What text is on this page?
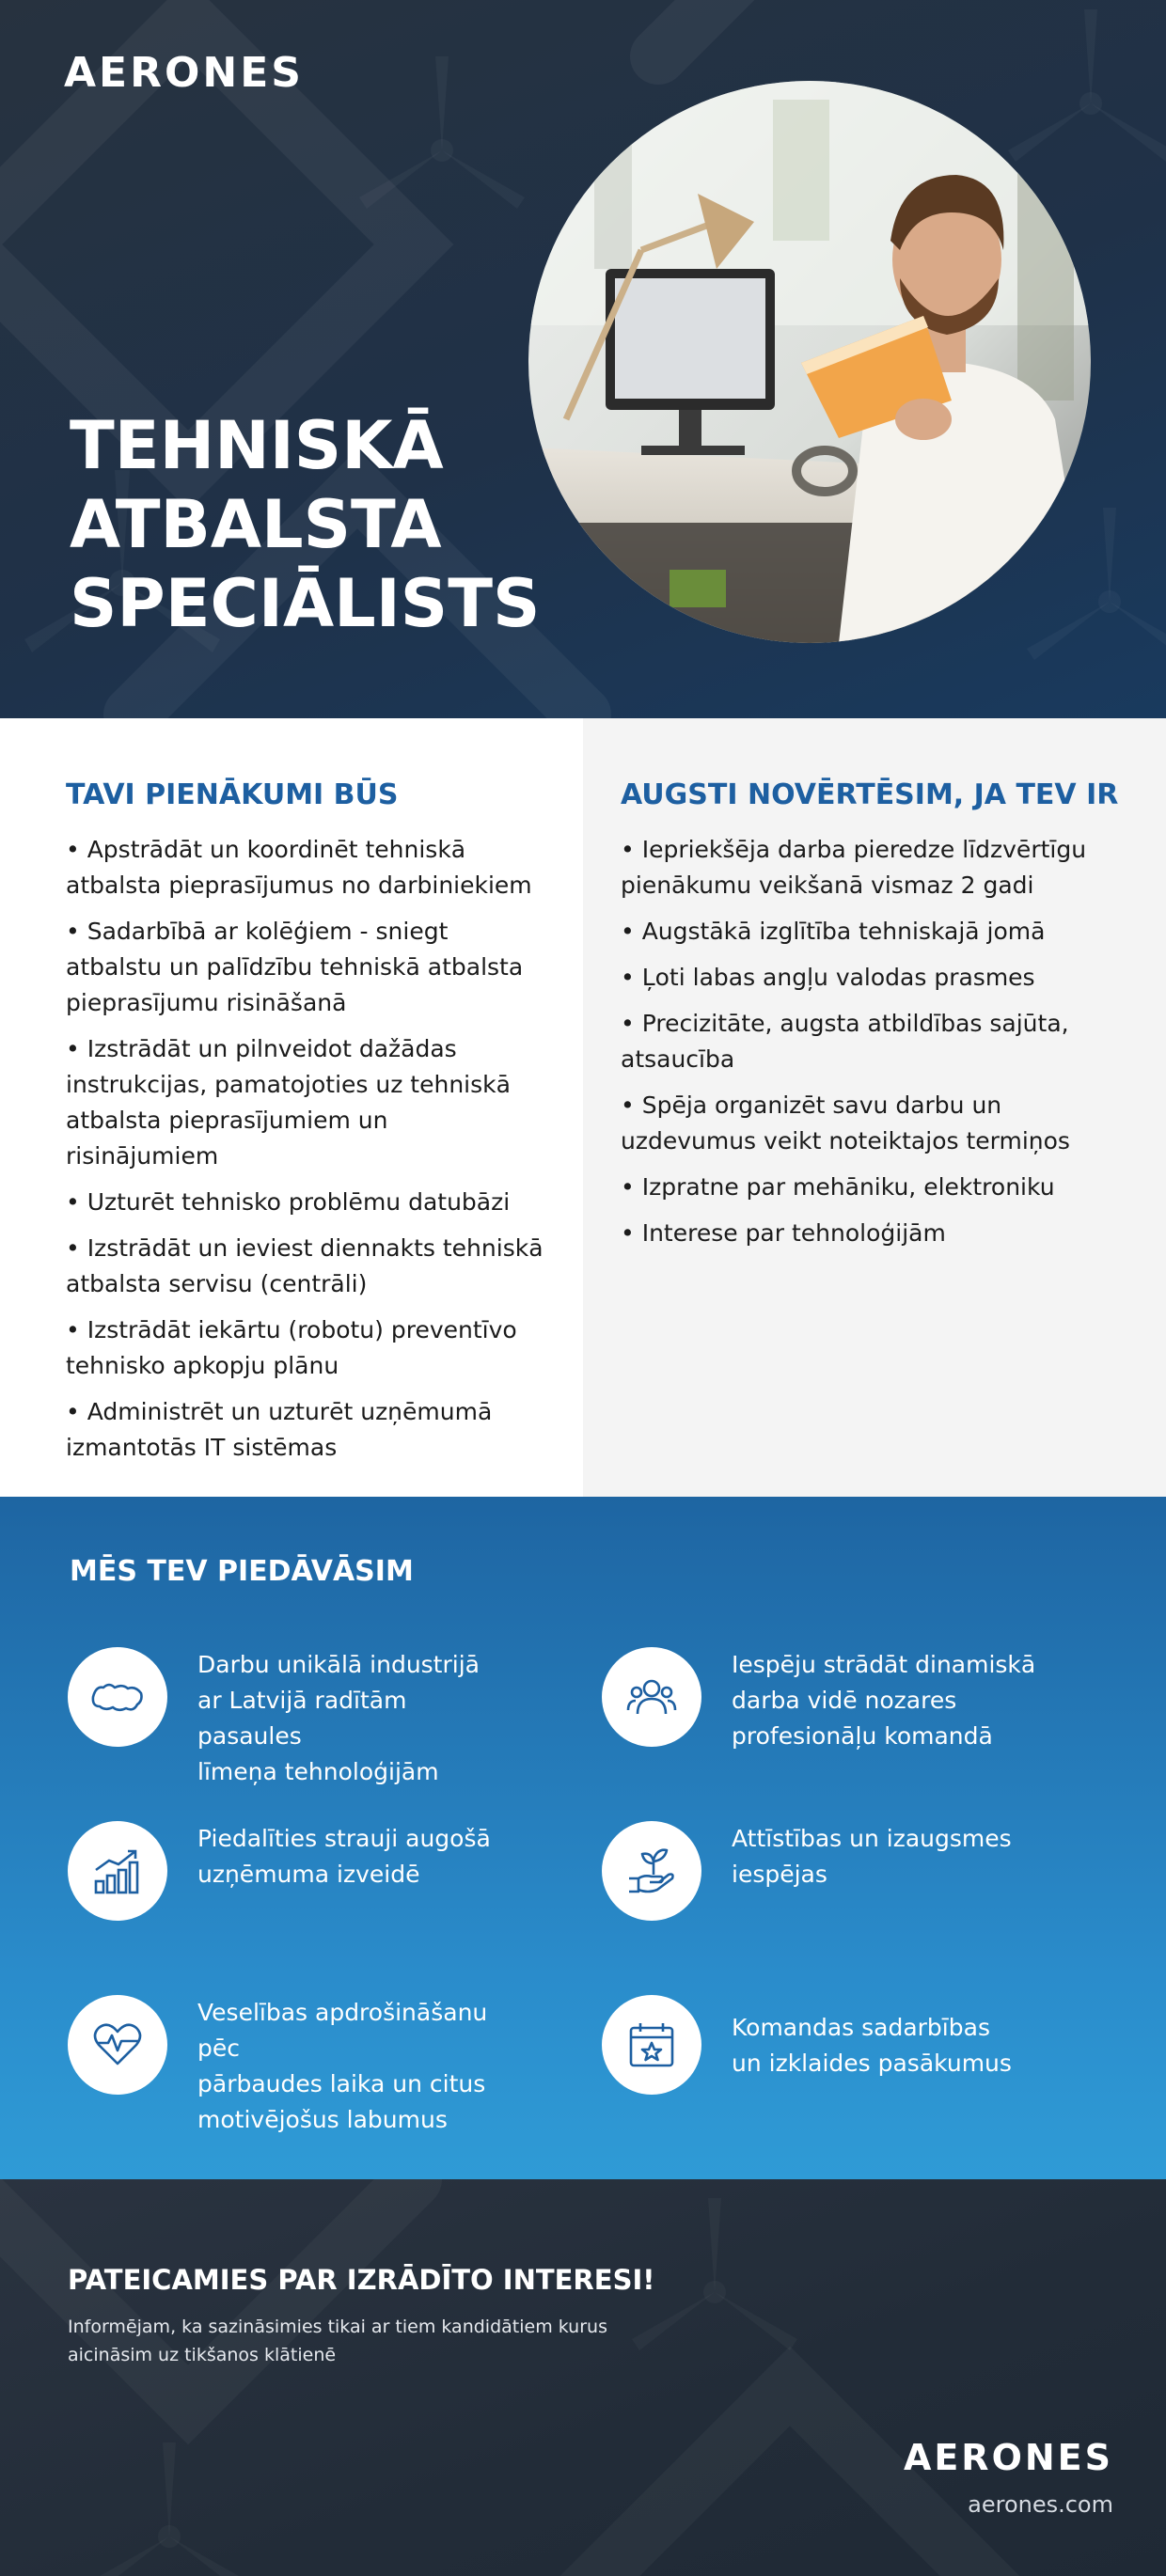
AERONES
TEHNISKĀ
ATBALSTA
SPECIĀLISTS
TAVI PIENĀKUMI BŪS
• Apstrādāt un koordinēt tehniskā atbalsta pieprasījumus no darbiniekiem
• Sadarbībā ar kolēģiem - sniegt atbalstu un palīdzību tehniskā atbalsta pieprasījumu risināšanā
• Izstrādāt un pilnveidot dažādas instrukcijas, pamatojoties uz tehniskā atbalsta pieprasījumiem un risinājumiem
• Uzturēt tehnisko problēmu datubāzi
• Izstrādāt un ieviest diennakts tehniskā atbalsta servisu (centrāli)
• Izstrādāt iekārtu (robotu) preventīvo tehnisko apkopju plānu
• Administrēt un uzturēt uzņēmumā izmantotās IT sistēmas
AUGSTI NOVĒRTĒSIM, JA TEV IR
• Iepriekšēja darba pieredze līdzvērtīgu pienākumu veikšanā vismaz 2 gadi
• Augstākā izglītība tehniskajā jomā
• Ļoti labas angļu valodas prasmes
• Precizitāte, augsta atbildības sajūta, atsaucība
• Spēja organizēt savu darbu un uzdevumus veikt noteiktajos termiņos
• Izpratne par mehāniku, elektroniku
• Interese par tehnoloģijām
MĒS TEV PIEDĀVĀSIM
Darbu unikālā industrijā
ar Latvijā radītām pasaules
līmeņa tehnoloģijām
Iespēju strādāt dinamiskā
darba vidē nozares
profesionāļu komandā
Piedalīties strauji augošā
uzņēmuma izveidē
Attīstības un izaugsmes
iespējas
Veselības apdrošināšanu pēc
pārbaudes laika un citus
motivējošus labumus
Komandas sadarbības
un izklaides pasākumus
PATEICAMIES PAR IZRĀDĪTO INTERESI!

Informējam, ka sazināsimies tikai ar tiem kandidātiem kurus aicināsim uz tikšanos klātienē

AERONES
aerones.com
